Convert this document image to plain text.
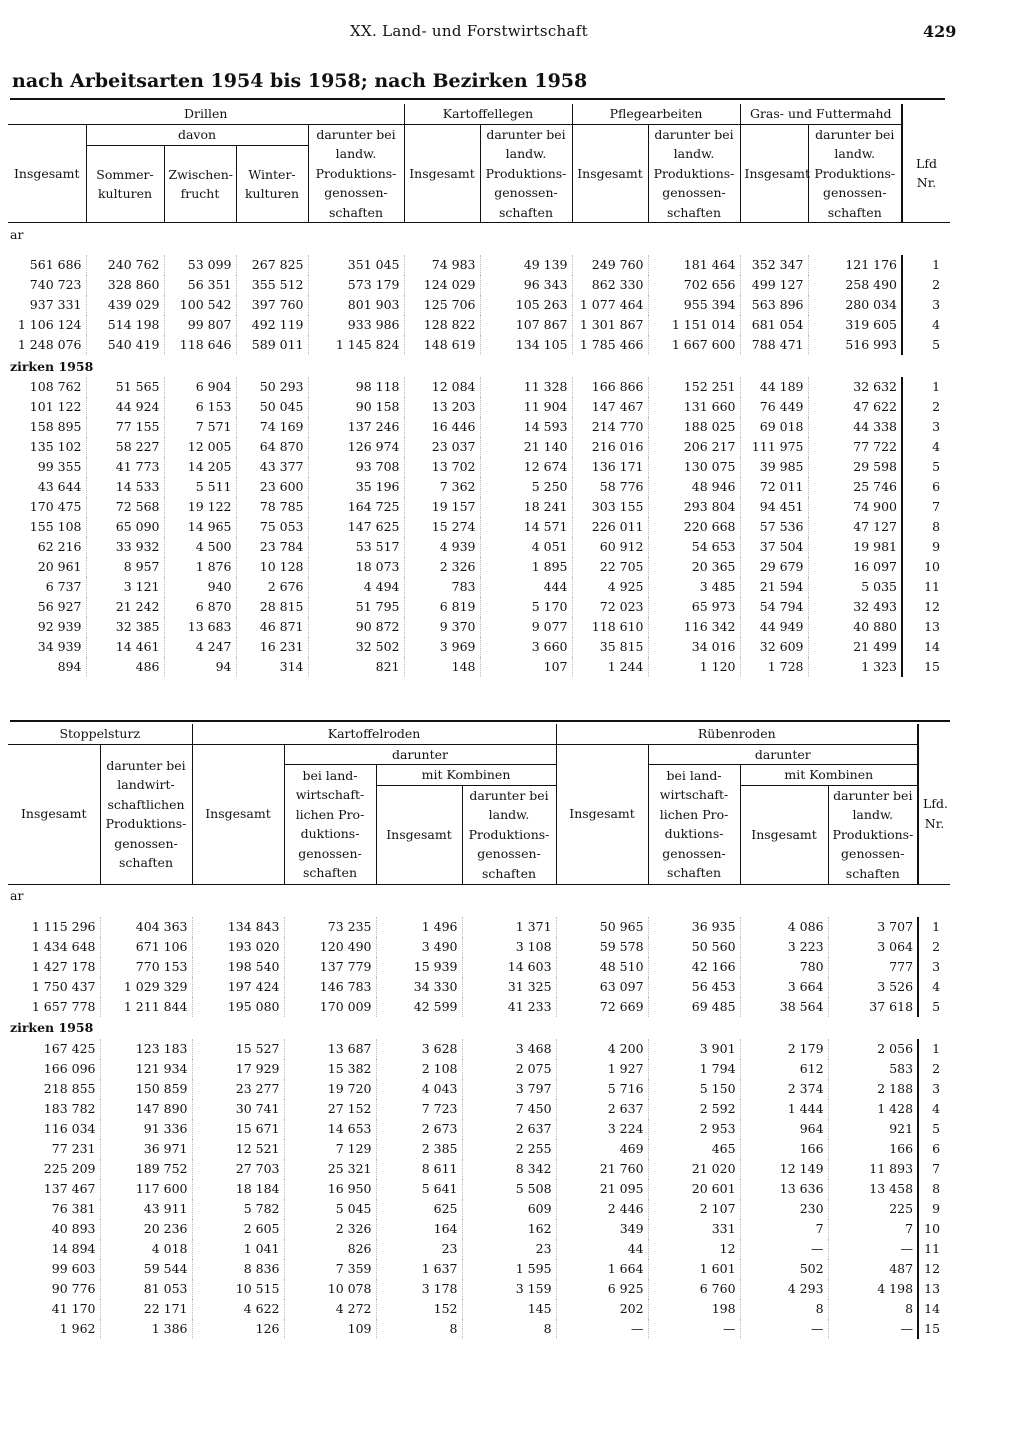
XX. Land- und Forstwirtschaft	429
nach Arbeitsarten 1954 bis 1958; nach Bezirken 1958
Drillen					Kartoffellegen		Pflegearbeiten		Gras- und Futtermahd		
Insgesamt	davon			darunter bei landw. Produktions-genossen-schaften	Insgesamt	darunter bei landw. Produktions-genossen-schaften	Insgesamt	darunter bei landw. Produktions-genossen-schaften	Insgesamt	darunter bei landw. Produktions-genossen-schaften	Lfd Nr.
	Sommer-kulturen	Zwischen-frucht	Winter-kulturen								
ar											

561 686	240 762	53 099	267 825	351 045	74 983	49 139	249 760	181 464	352 347	121 176	1
740 723	328 860	56 351	355 512	573 179	124 029	96 343	862 330	702 656	499 127	258 490	2
937 331	439 029	100 542	397 760	801 903	125 706	105 263	1 077 464	955 394	563 896	280 034	3
1 106 124	514 198	99 807	492 119	933 986	128 822	107 867	1 301 867	1 151 014	681 054	319 605	4
1 248 076	540 419	118 646	589 011	1 145 824	148 619	134 105	1 785 466	1 667 600	788 471	516 993	5
zirken 1958											
108 762	51 565	6 904	50 293	98 118	12 084	11 328	166 866	152 251	44 189	32 632	1
101 122	44 924	6 153	50 045	90 158	13 203	11 904	147 467	131 660	76 449	47 622	2
158 895	77 155	7 571	74 169	137 246	16 446	14 593	214 770	188 025	69 018	44 338	3
135 102	58 227	12 005	64 870	126 974	23 037	21 140	216 016	206 217	111 975	77 722	4
99 355	41 773	14 205	43 377	93 708	13 702	12 674	136 171	130 075	39 985	29 598	5
43 644	14 533	5 511	23 600	35 196	7 362	5 250	58 776	48 946	72 011	25 746	6
170 475	72 568	19 122	78 785	164 725	19 157	18 241	303 155	293 804	94 451	74 900	7
155 108	65 090	14 965	75 053	147 625	15 274	14 571	226 011	220 668	57 536	47 127	8
62 216	33 932	4 500	23 784	53 517	4 939	4 051	60 912	54 653	37 504	19 981	9
20 961	8 957	1 876	10 128	18 073	2 326	1 895	22 705	20 365	29 679	16 097	10
6 737	3 121	940	2 676	4 494	783	444	4 925	3 485	21 594	5 035	11
56 927	21 242	6 870	28 815	51 795	6 819	5 170	72 023	65 973	54 794	32 493	12
92 939	32 385	13 683	46 871	90 872	9 370	9 077	118 610	116 342	44 949	40 880	13
34 939	14 461	4 247	16 231	32 502	3 969	3 660	35 815	34 016	32 609	21 499	14
894	486	94	314	821	148	107	1 244	1 120	1 728	1 323	15
Stoppelsturz		Kartoffelroden				Rübenroden				
Insgesamt	darunter bei landwirt-schaftlichen Produktions-genossen-schaften	Insgesamt	darunter			Insgesamt	darunter			Lfd. Nr.
			bei land-wirtschaft-lichen Pro-duktions-genossen-schaften	mit Kombinen			bei land-wirtschaft-lichen Pro-duktions-genossen-schaften	mit Kombinen		
				Insgesamt	darunter bei landw. Produktions-genossen-schaften			Insgesamt	darunter bei landw. Produktions-genossen-schaften	
ar										

1 115 296	404 363	134 843	73 235	1 496	1 371	50 965	36 935	4 086	3 707	1
1 434 648	671 106	193 020	120 490	3 490	3 108	59 578	50 560	3 223	3 064	2
1 427 178	770 153	198 540	137 779	15 939	14 603	48 510	42 166	780	777	3
1 750 437	1 029 329	197 424	146 783	34 330	31 325	63 097	56 453	3 664	3 526	4
1 657 778	1 211 844	195 080	170 009	42 599	41 233	72 669	69 485	38 564	37 618	5
zirken 1958										
167 425	123 183	15 527	13 687	3 628	3 468	4 200	3 901	2 179	2 056	1
166 096	121 934	17 929	15 382	2 108	2 075	1 927	1 794	612	583	2
218 855	150 859	23 277	19 720	4 043	3 797	5 716	5 150	2 374	2 188	3
183 782	147 890	30 741	27 152	7 723	7 450	2 637	2 592	1 444	1 428	4
116 034	91 336	15 671	14 653	2 673	2 637	3 224	2 953	964	921	5
77 231	36 971	12 521	7 129	2 385	2 255	469	465	166	166	6
225 209	189 752	27 703	25 321	8 611	8 342	21 760	21 020	12 149	11 893	7
137 467	117 600	18 184	16 950	5 641	5 508	21 095	20 601	13 636	13 458	8
76 381	43 911	5 782	5 045	625	609	2 446	2 107	230	225	9
40 893	20 236	2 605	2 326	164	162	349	331	7	7	10
14 894	4 018	1 041	826	23	23	44	12	—	—	11
99 603	59 544	8 836	7 359	1 637	1 595	1 664	1 601	502	487	12
90 776	81 053	10 515	10 078	3 178	3 159	6 925	6 760	4 293	4 198	13
41 170	22 171	4 622	4 272	152	145	202	198	8	8	14
1 962	1 386	126	109	8	8	—	—	—	—	15
